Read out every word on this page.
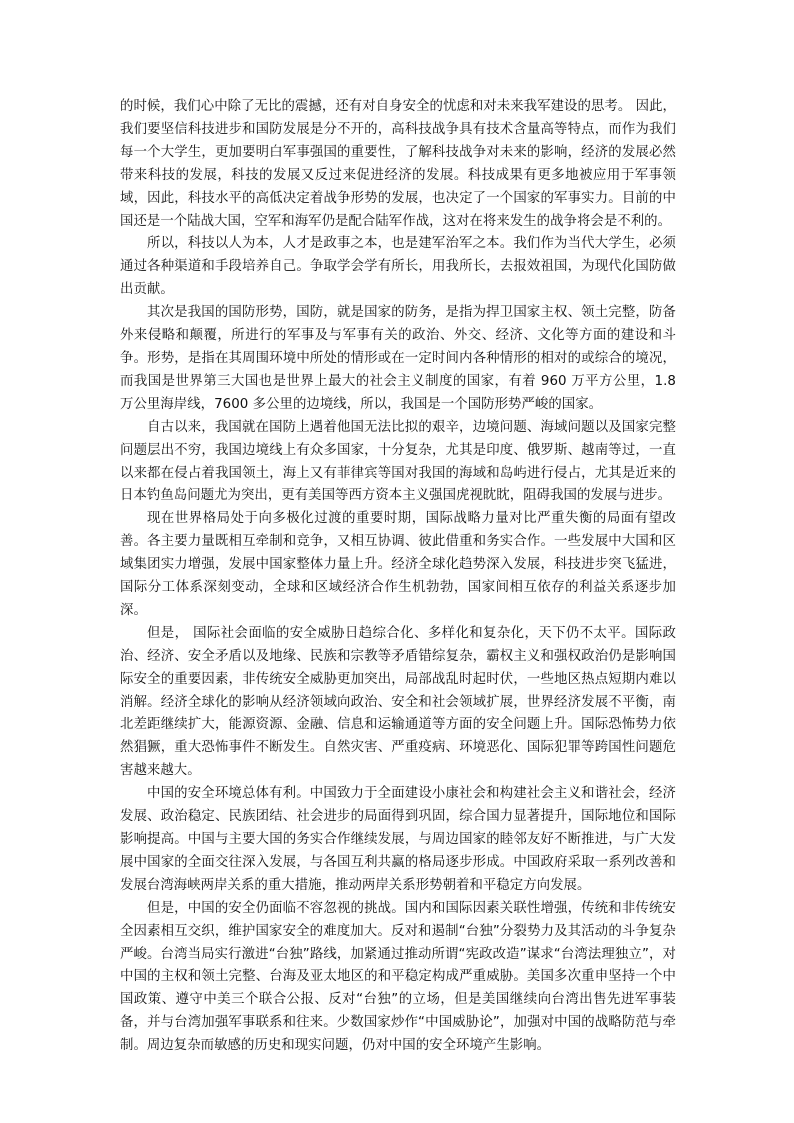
的时候，我们心中除了无比的震撼，还有对自身安全的忧虑和对未来我军建设的思考。 因此，我们要坚信科技进步和国防发展是分不开的，高科技战争具有技术含量高等特点，而作为我们每一个大学生，更加要明白军事强国的重要性，了解科技战争对未来的影响，经济的发展必然带来科技的发展，科技的发展又反过来促进经济的发展。科技成果有更多地被应用于军事领域，因此，科技水平的高低决定着战争形势的发展，也决定了一个国家的军事实力。目前的中国还是一个陆战大国，空军和海军仍是配合陆军作战，这对在将来发生的战争将会是不利的。

所以，科技以人为本，人才是政事之本，也是建军治军之本。我们作为当代大学生，必须通过各种渠道和手段培养自己。争取学会学有所长，用我所长，去报效祖国，为现代化国防做出贡献。

其次是我国的国防形势，国防，就是国家的防务，是指为捍卫国家主权、领土完整，防备外来侵略和颠覆，所进行的军事及与军事有关的政治、外交、经济、文化等方面的建设和斗争。形势，是指在其周围环境中所处的情形或在一定时间内各种情形的相对的或综合的境况，而我国是世界第三大国也是世界上最大的社会主义制度的国家，有着 960 万平方公里，1.8 万公里海岸线，7600 多公里的边境线，所以，我国是一个国防形势严峻的国家。

自古以来，我国就在国防上遇着他国无法比拟的艰辛，边境问题、海域问题以及国家完整问题层出不穷，我国边境线上有众多国家，十分复杂，尤其是印度、俄罗斯、越南等过，一直以来都在侵占着我国领土，海上又有菲律宾等国对我国的海域和岛屿进行侵占，尤其是近来的日本钓鱼岛问题尤为突出，更有美国等西方资本主义强国虎视眈眈，阻碍我国的发展与进步。

现在世界格局处于向多极化过渡的重要时期，国际战略力量对比严重失衡的局面有望改善。各主要力量既相互牵制和竞争，又相互协调、彼此借重和务实合作。一些发展中大国和区域集团实力增强，发展中国家整体力量上升。经济全球化趋势深入发展，科技进步突飞猛进，国际分工体系深刻变动，全球和区域经济合作生机勃勃，国家间相互依存的利益关系逐步加深。

但是， 国际社会面临的安全威胁日趋综合化、多样化和复杂化，天下仍不太平。国际政治、经济、安全矛盾以及地缘、民族和宗教等矛盾错综复杂，霸权主义和强权政治仍是影响国际安全的重要因素，非传统安全威胁更加突出，局部战乱时起时伏，一些地区热点短期内难以消解。经济全球化的影响从经济领域向政治、安全和社会领域扩展，世界经济发展不平衡，南北差距继续扩大，能源资源、金融、信息和运输通道等方面的安全问题上升。国际恐怖势力依然猖獗，重大恐怖事件不断发生。自然灾害、严重疫病、环境恶化、国际犯罪等跨国性问题危害越来越大。

中国的安全环境总体有利。中国致力于全面建设小康社会和构建社会主义和谐社会，经济发展、政治稳定、民族团结、社会进步的局面得到巩固，综合国力显著提升，国际地位和国际影响提高。中国与主要大国的务实合作继续发展，与周边国家的睦邻友好不断推进，与广大发展中国家的全面交往深入发展，与各国互利共赢的格局逐步形成。中国政府采取一系列改善和发展台湾海峡两岸关系的重大措施，推动两岸关系形势朝着和平稳定方向发展。

但是，中国的安全仍面临不容忽视的挑战。国内和国际因素关联性增强，传统和非传统安全因素相互交织，维护国家安全的难度加大。反对和遏制“台独”分裂势力及其活动的斗争复杂严峻。台湾当局实行激进“台独”路线，加紧通过推动所谓“宪政改造”谋求“台湾法理独立”，对中国的主权和领土完整、台海及亚太地区的和平稳定构成严重威胁。美国多次重申坚持一个中国政策、遵守中美三个联合公报、反对“台独”的立场，但是美国继续向台湾出售先进军事装备，并与台湾加强军事联系和往来。少数国家炒作“中国威胁论”，加强对中国的战略防范与牵制。周边复杂而敏感的历史和现实问题，仍对中国的安全环境产生影响。
